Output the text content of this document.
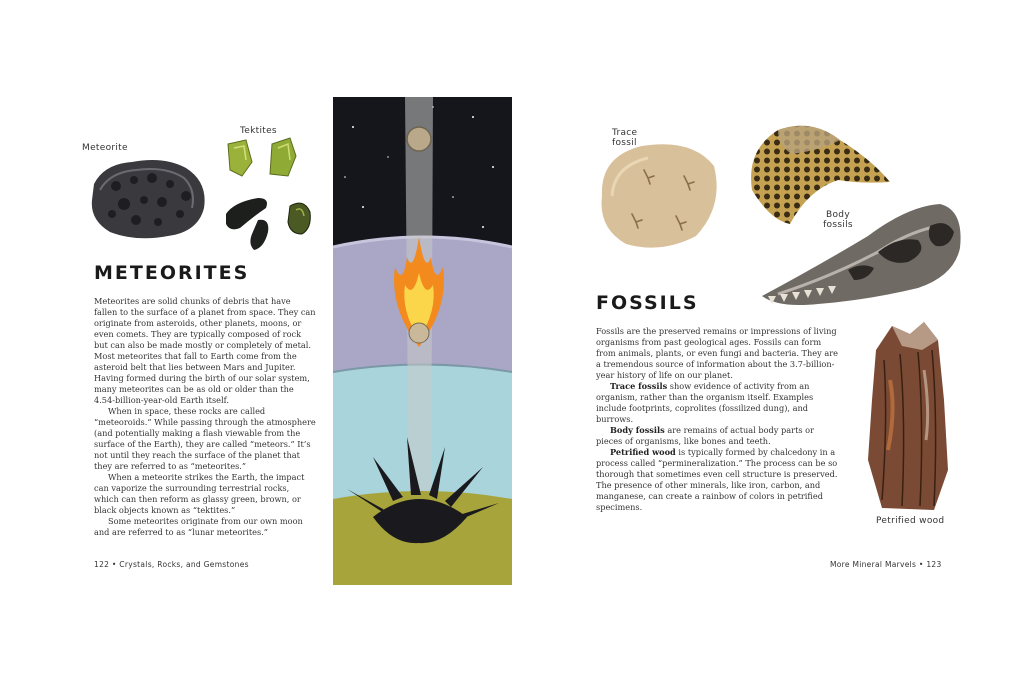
Meteorite
Tektites
METEORITES

Meteorites are solid chunks of debris that have fallen to the surface of a planet from space. They can originate from asteroids, other planets, moons, or even comets. They are typically composed of rock but can also be made mostly or completely of metal. Most meteorites that fall to Earth come from the asteroid belt that lies between Mars and Jupiter. Having formed during the birth of our solar system, many meteorites can be as old or older than the 4.54-billion-year-old Earth itself.

When in space, these rocks are called “meteoroids.” While passing through the atmosphere (and potentially making a flash viewable from the surface of the Earth), they are called “meteors.” It’s not until they reach the surface of the planet that they are referred to as “meteorites.”

When a meteorite strikes the Earth, the impact can vaporize the surrounding terrestrial rocks, which can then reform as glassy green, brown, or black objects known as “tektites.”

Some meteorites originate from our own moon and are referred to as “lunar meteorites.”

122 • Crystals, Rocks, and Gemstones
Trace fossil
Body fossils
FOSSILS

Fossils are the preserved remains or impressions of living organisms from past geological ages. Fossils can form from animals, plants, or even fungi and bacteria. They are a tremendous source of information about the 3.7-billion-year history of life on our planet.

Trace fossils show evidence of activity from an organism, rather than the organism itself. Examples include footprints, coprolites (fossilized dung), and burrows.

Body fossils are remains of actual body parts or pieces of organisms, like bones and teeth.

Petrified wood is typically formed by chalcedony in a process called “permineralization.” The process can be so thorough that sometimes even cell structure is preserved. The presence of other minerals, like iron, carbon, and manganese, can create a rainbow of colors in petrified specimens.

Petrified wood
More Mineral Marvels • 123
